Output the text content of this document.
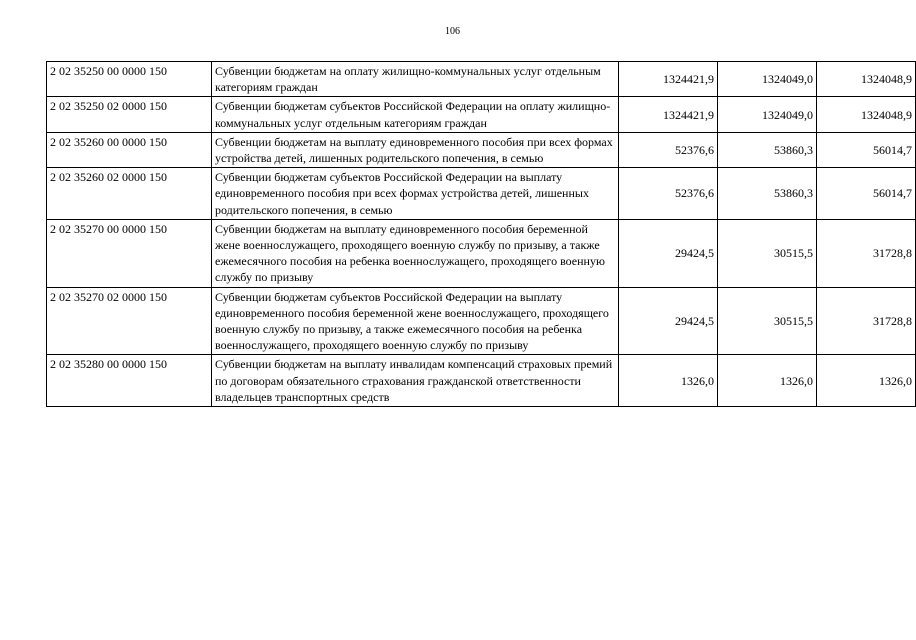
106
2 02 35250 00 0000 150	Субвенции бюджетам на оплату жилищно-коммунальных услуг отдельным категориям граждан	1324421,9	1324049,0	1324048,9
2 02 35250 02 0000 150	Субвенции бюджетам субъектов Российской Федерации на оплату жилищно-коммунальных услуг отдельным категориям граждан	1324421,9	1324049,0	1324048,9
2 02 35260 00 0000 150	Субвенции бюджетам на выплату единовременного пособия при всех формах устройства детей, лишенных родительского попечения, в семью	52376,6	53860,3	56014,7
2 02 35260 02 0000 150	Субвенции бюджетам субъектов Российской Федерации на выплату единовременного пособия при всех формах устройства детей, лишенных родительского попечения, в семью	52376,6	53860,3	56014,7
2 02 35270 00 0000 150	Субвенции бюджетам на выплату единовременного пособия беременной жене военнослужащего, проходящего военную службу по призыву, а также ежемесячного пособия на ребенка военнослужащего, проходящего военную службу по призыву	29424,5	30515,5	31728,8
2 02 35270 02 0000 150	Субвенции бюджетам субъектов Российской Федерации на выплату единовременного пособия беременной жене военнослужащего, проходящего военную службу по призыву, а также ежемесячного пособия на ребенка военнослужащего, проходящего военную службу по призыву	29424,5	30515,5	31728,8
2 02 35280 00 0000 150	Субвенции бюджетам на выплату инвалидам компенсаций страховых премий по договорам обязательного страхования гражданской ответственности владельцев транспортных средств	1326,0	1326,0	1326,0
